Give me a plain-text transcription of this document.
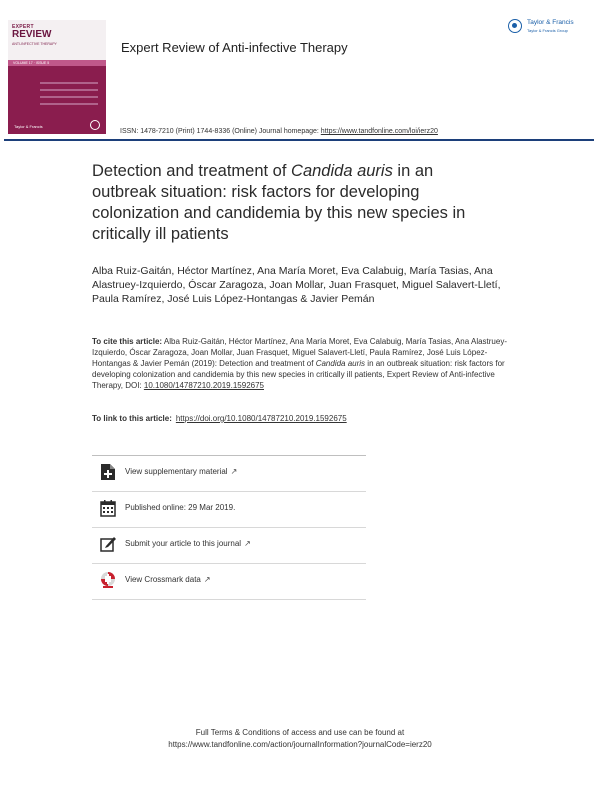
EXPERT
REVIEW
ANTI-INFECTIVE THERAPY
VOLUME 17 · ISSUE 5
Taylor & Francis
Expert Review of Anti-infective Therapy
Taylor & Francis
Taylor & Francis Group
ISSN: 1478-7210 (Print) 1744-8336 (Online) Journal homepage: https://www.tandfonline.com/loi/ierz20
Detection and treatment of Candida auris in an outbreak situation: risk factors for developing colonization and candidemia by this new species in critically ill patients
Alba Ruiz-Gaitán, Héctor Martínez, Ana María Moret, Eva Calabuig, María Tasias, Ana Alastruey-Izquierdo, Óscar Zaragoza, Joan Mollar, Juan Frasquet, Miguel Salavert-Lletí, Paula Ramírez, José Luis López-Hontangas & Javier Pemán
To cite this article: Alba Ruiz-Gaitán, Héctor Martínez, Ana María Moret, Eva Calabuig, María Tasias, Ana Alastruey-Izquierdo, Óscar Zaragoza, Joan Mollar, Juan Frasquet, Miguel Salavert-Lletí, Paula Ramírez, José Luis López-Hontangas & Javier Pemán (2019): Detection and treatment of Candida auris in an outbreak situation: risk factors for developing colonization and candidemia by this new species in critically ill patients, Expert Review of Anti-infective Therapy, DOI: 10.1080/14787210.2019.1592675
To link to this article: https://doi.org/10.1080/14787210.2019.1592675
View supplementary material ↗
Published online: 29 Mar 2019.
Submit your article to this journal ↗
View Crossmark data ↗
Full Terms & Conditions of access and use can be found at
https://www.tandfonline.com/action/journalInformation?journalCode=ierz20
